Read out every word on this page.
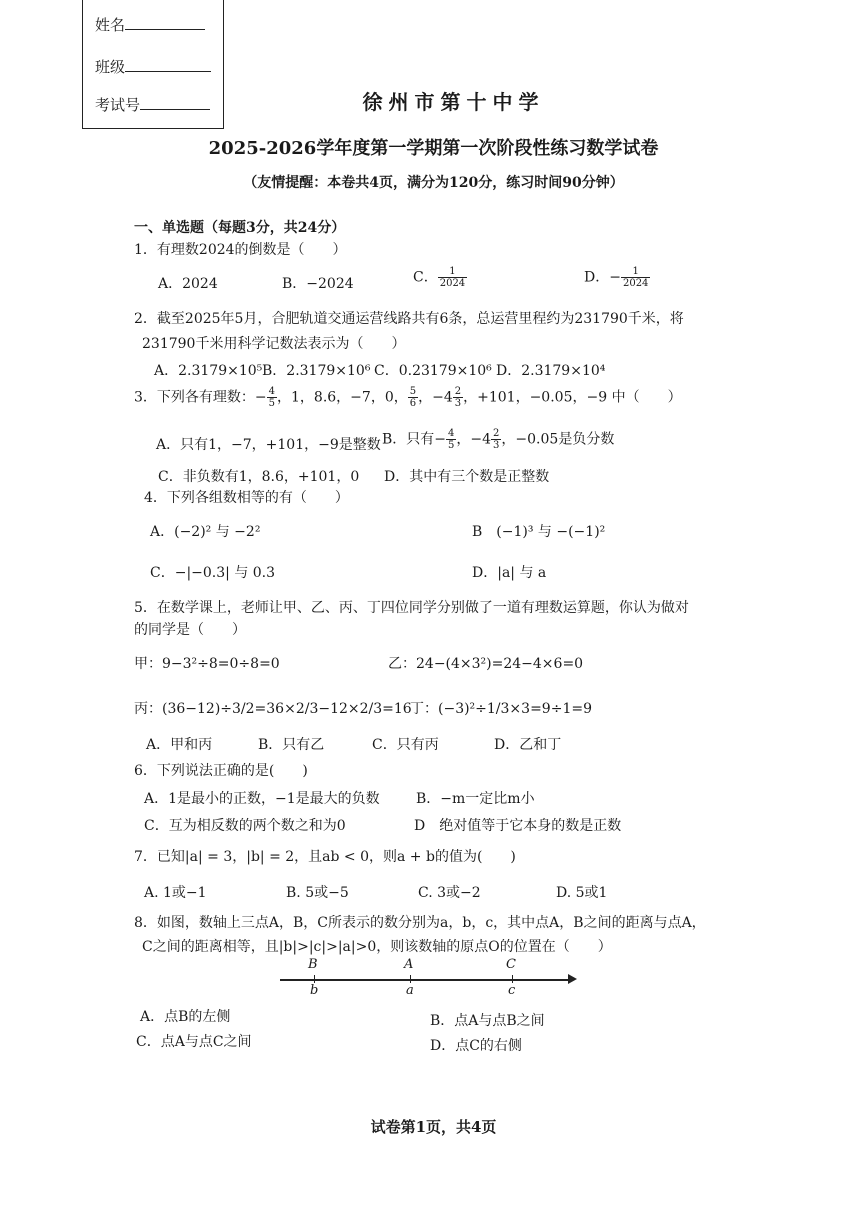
姓名
班级
考试号	徐州市第十中学
2025-2026学年度第一学期第一次阶段性练习数学试卷
（友情提醒：本卷共4页，满分为120分，练习时间90分钟）
一、单选题（每题3分，共24分）
1．有理数2024的倒数是（　　）
A．2024	B．−2024	C． $\frac{1}{2024}$	D．− $\frac{1}{2024}$
2．截至2025年5月，合肥轨道交通运营线路共有6条，总运营里程约为231790千米，将
231790千米用科学记数法表示为（　　）
A．2.3179×10⁵ B．2.3179×10⁶ C．0.23179×10⁶ D．2.3179×10⁴
3．下列各有理数：− $\frac{4}{5}$ ，1，8.6，−7，0， $\frac{5}{6}$ ，$-4 \frac{2}{3}$ ，+101，−0.05，−9 中（　　）
A．只有1，−7，+101，−9是整数 B．只有− $\frac{4}{5}$ ，$-4 \frac{2}{3}$ ，−0.05是负分数
C．非负数有1，8.6，+101，0 D．其中有三个数是正整数
4．下列各组数相等的有（　　）
A．(−2)² 与 −2²	B　(−1)³ 与 −(−1)²
C．−|−0.3| 与 0.3	D．|a| 与 a
5．在数学课上，老师让甲、乙、丙、丁四位同学分别做了一道有理数运算题，你认为做对
的同学是（　　）
甲：9−3²÷8=0÷8=0	乙：24−(4×3²)=24−4×6=0
丙：(36−12)÷3/2=36×2/3−12×2/3=16
丁：(−3)²÷1/3×3=9÷1=9
A．甲和丙	B．只有乙	C．只有丙	D．乙和丁
6．下列说法正确的是(　　)
A．1是最小的正数，−1是最大的负数	B．−m一定比m小
C．互为相反数的两个数之和为0	D　绝对值等于它本身的数是正数
7．已知|a| = 3，|b| = 2，且ab < 0，则a + b的值为(　　)
A. 1或−1	B. 5或−5	C. 3或−2	D. 5或1
8．如图，数轴上三点A，B，C所表示的数分别为a，b，c，其中点A，B之间的距离与点A，
C之间的距离相等，且|b|>|c|>|a|>0，则该数轴的原点O的位置在（　　）
B	A	C
b	a	c
A．点B的左侧	B．点A与点B之间
C．点A与点C之间	D．点C的右侧
试卷第1页，共4页
